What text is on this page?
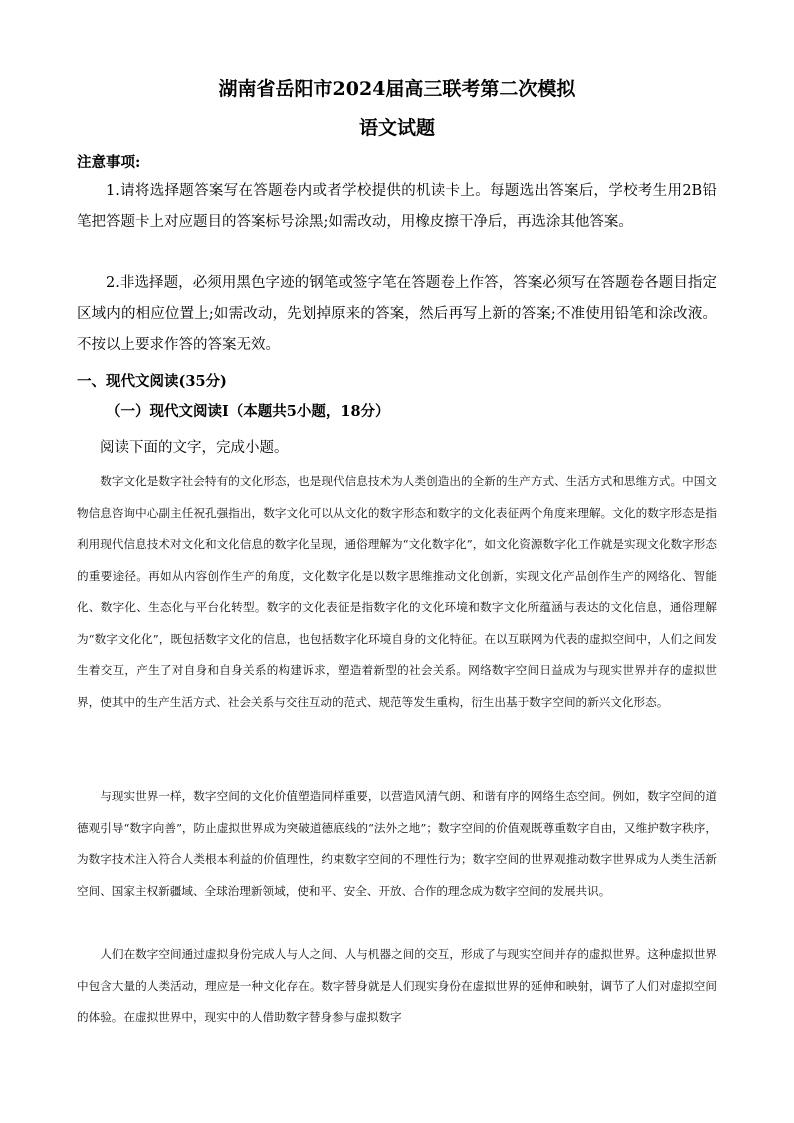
湖南省岳阳市2024届高三联考第二次模拟
语文试题
注意事项:

1.请将选择题答案写在答题卷内或者学校提供的机读卡上。每题选出答案后，学校考生用2B铅笔把答题卡上对应题目的答案标号涂黑;如需改动，用橡皮擦干净后，再选涂其他答案。

2.非选择题，必须用黑色字迹的钢笔或签字笔在答题卷上作答，答案必须写在答题卷各题目指定区域内的相应位置上;如需改动，先划掉原来的答案，然后再写上新的答案;不准使用铅笔和涂改液。不按以上要求作答的答案无效。

一、现代文阅读(35分)
（一）现代文阅读Ⅰ（本题共5小题，18分）
阅读下面的文字，完成小题。

数字文化是数字社会特有的文化形态，也是现代信息技术为人类创造出的全新的生产方式、生活方式和思维方式。中国文物信息咨询中心副主任祝孔强指出，数字文化可以从文化的数字形态和数字的文化表征两个角度来理解。文化的数字形态是指利用现代信息技术对文化和文化信息的数字化呈现，通俗理解为“文化数字化”，如文化资源数字化工作就是实现文化数字形态的重要途径。再如从内容创作生产的角度，文化数字化是以数字思维推动文化创新，实现文化产品创作生产的网络化、智能化、数字化、生态化与平台化转型。数字的文化表征是指数字化的文化环境和数字文化所蕴涵与表达的文化信息，通俗理解为“数字文化化”，既包括数字文化的信息，也包括数字化环境自身的文化特征。在以互联网为代表的虚拟空间中，人们之间发生着交互，产生了对自身和自身关系的构建诉求，塑造着新型的社会关系。网络数字空间日益成为与现实世界并存的虚拟世界，使其中的生产生活方式、社会关系与交往互动的范式、规范等发生重构，衍生出基于数字空间的新兴文化形态。

与现实世界一样，数字空间的文化价值塑造同样重要，以营造风清气朗、和谐有序的网络生态空间。例如，数字空间的道德观引导“数字向善”，防止虚拟世界成为突破道德底线的“法外之地”；数字空间的价值观既尊重数字自由，又维护数字秩序，为数字技术注入符合人类根本利益的价值理性，约束数字空间的不理性行为；数字空间的世界观推动数字世界成为人类生活新空间、国家主权新疆域、全球治理新领域，使和平、安全、开放、合作的理念成为数字空间的发展共识。

人们在数字空间通过虚拟身份完成人与人之间、人与机器之间的交互，形成了与现实空间并存的虚拟世界。这种虚拟世界中包含大量的人类活动，理应是一种文化存在。数字替身就是人们现实身份在虚拟世界的延伸和映射，调节了人们对虚拟空间的体验。在虚拟世界中，现实中的人借助数字替身参与虚拟数字
